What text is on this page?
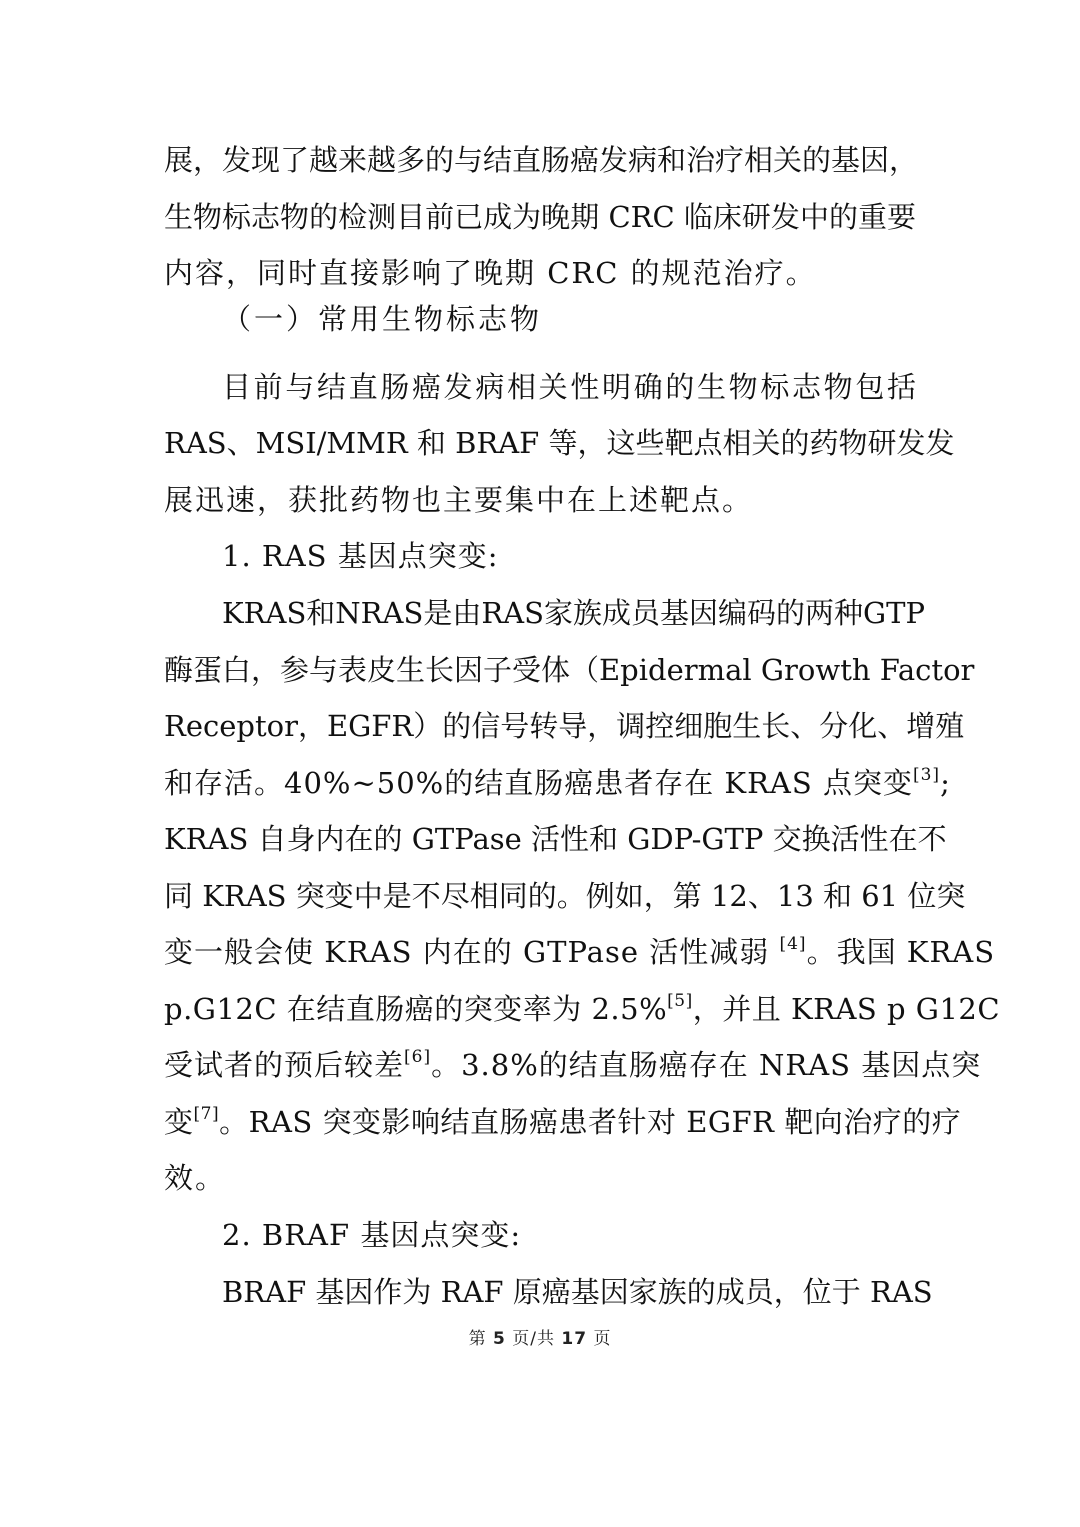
展，发现了越来越多的与结直肠癌发病和治疗相关的基因，
生物标志物的检测目前已成为晚期 CRC 临床研发中的重要
内容，同时直接影响了晚期 CRC 的规范治疗。
（一）常用生物标志物
目前与结直肠癌发病相关性明确的生物标志物包括
RAS、MSI/MMR 和 BRAF 等，这些靶点相关的药物研发发
展迅速，获批药物也主要集中在上述靶点。
1. RAS 基因点突变:
KRAS和NRAS是由RAS家族成员基因编码的两种GTP
酶蛋白，参与表皮生长因子受体（Epidermal Growth Factor
Receptor，EGFR）的信号转导，调控细胞生长、分化、增殖
和存活。40%~50%的结直肠癌患者存在 KRAS 点突变[3];
KRAS 自身内在的 GTPase 活性和 GDP-GTP 交换活性在不
同 KRAS 突变中是不尽相同的。例如，第 12、13 和 61 位突
变一般会使 KRAS 内在的 GTPase 活性减弱 [4]。我国 KRAS
p.G12C 在结直肠癌的突变率为 2.5%[5]，并且 KRAS p G12C
受试者的预后较差[6]。3.8%的结直肠癌存在 NRAS 基因点突
变[7]。RAS 突变影响结直肠癌患者针对 EGFR 靶向治疗的疗
效。
2. BRAF 基因点突变:
BRAF 基因作为 RAF 原癌基因家族的成员，位于 RAS
第 5 页/共 17 页
